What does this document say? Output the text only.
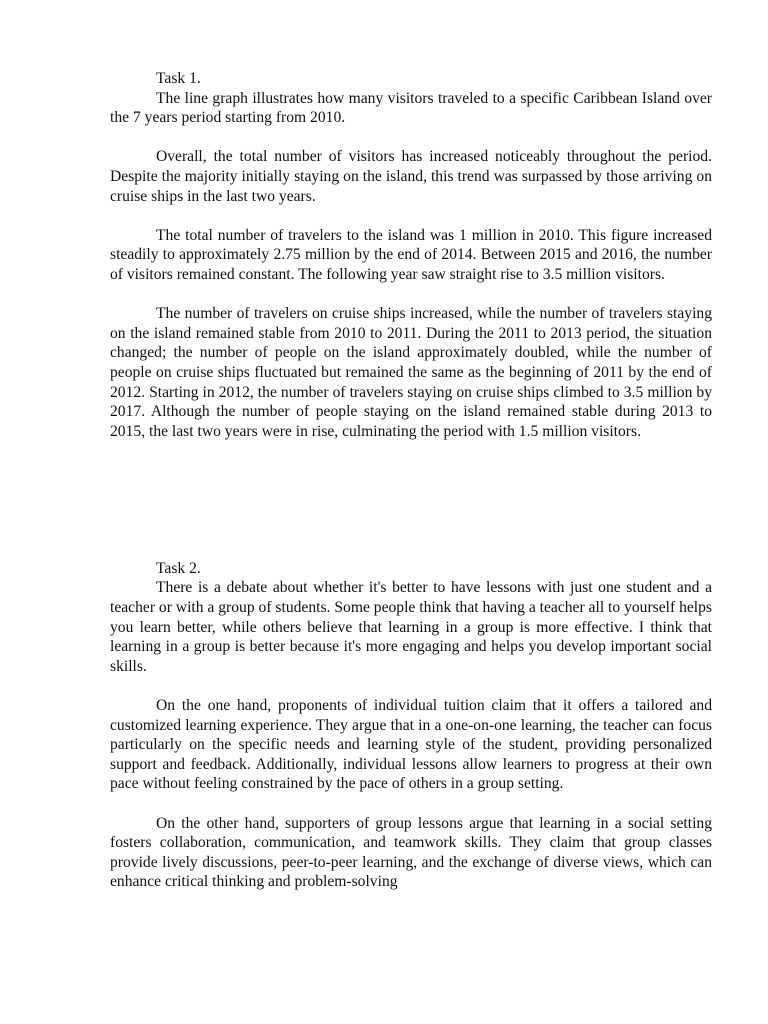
Task 1.

The line graph illustrates how many visitors traveled to a specific Caribbean Island over the 7 years period starting from 2010.

Overall, the total number of visitors has increased noticeably throughout the period. Despite the majority initially staying on the island, this trend was surpassed by those arriving on cruise ships in the last two years.

The total number of travelers to the island was 1 million in 2010. This figure increased steadily to approximately 2.75 million by the end of 2014. Between 2015 and 2016, the number of visitors remained constant. The following year saw straight rise to 3.5 million visitors.

The number of travelers on cruise ships increased, while the number of travelers staying on the island remained stable from 2010 to 2011. During the 2011 to 2013 period, the situation changed; the number of people on the island approximately doubled, while the number of people on cruise ships fluctuated but remained the same as the beginning of 2011 by the end of 2012. Starting in 2012, the number of travelers staying on cruise ships climbed to 3.5 million by 2017. Although the number of people staying on the island remained stable during 2013 to 2015, the last two years were in rise, culminating the period with 1.5 million visitors.

Task 2.

There is a debate about whether it's better to have lessons with just one student and a teacher or with a group of students. Some people think that having a teacher all to yourself helps you learn better, while others believe that learning in a group is more effective. I think that learning in a group is better because it's more engaging and helps you develop important social skills.

On the one hand, proponents of individual tuition claim that it offers a tailored and customized learning experience. They argue that in a one-on-one learning, the teacher can focus particularly on the specific needs and learning style of the student, providing personalized support and feedback. Additionally, individual lessons allow learners to progress at their own pace without feeling constrained by the pace of others in a group setting.

On the other hand, supporters of group lessons argue that learning in a social setting fosters collaboration, communication, and teamwork skills. They claim that group classes provide lively discussions, peer-to-peer learning, and the exchange of diverse views, which can enhance critical thinking and problem-solving
